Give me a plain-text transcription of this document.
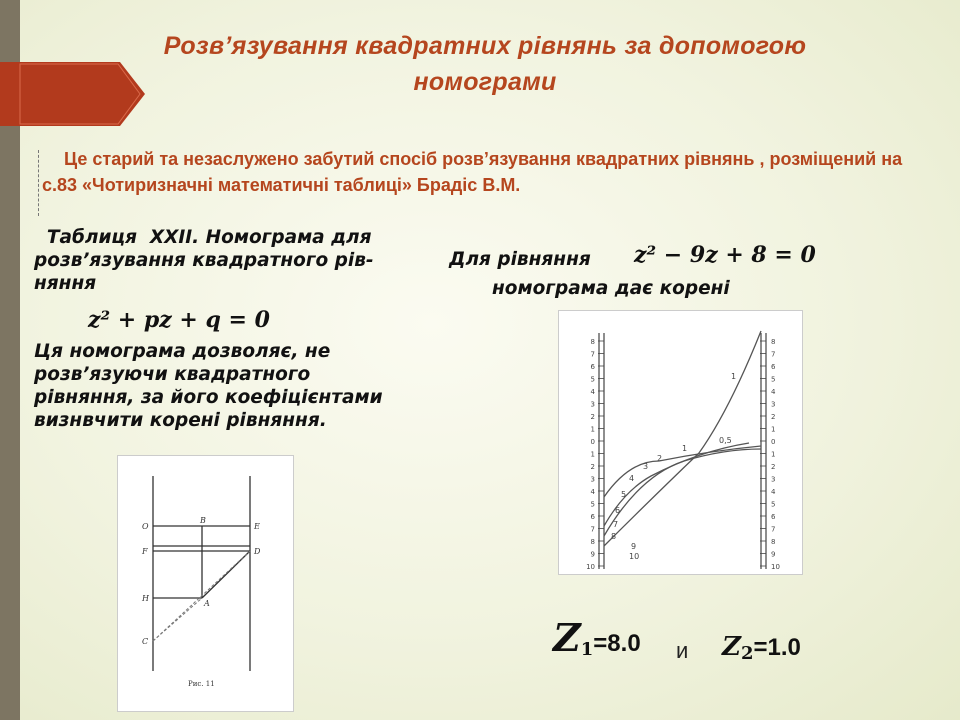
Розв’язування квадратних рівнянь за допомогою
номограми
Це старий та незаслужено забутий спосіб розв’язування квадратних рівнянь , розміщений на с.83 «Чотиризначні математичні таблиці» Брадіс В.М.
Таблиця  XXII. Номограма для
розв’язування квадратного рів-
няння
z² + pz + q = 0
Ця номограма дозволяє, не
розв’язуючи квадратного
рівняння, за його коефіцієнтами
визнвчити корені рівняння.
Для рівняння z² − 9z + 8 = 0
номограма дає корені
O
B
E
F	D
H
A
C
Рис. 11
8
7
6
5
4
3
2
1
0
1
2
3
4
5
6
7
8
9
10
8
7
6
5
4
3
2
1
0
1
2
3
4
5
6
7
8
9
10
1
1
2
3
4
5
6
7
8
9
10
0,5
$Z_1=8.0$ и $Z_2=1.0$
